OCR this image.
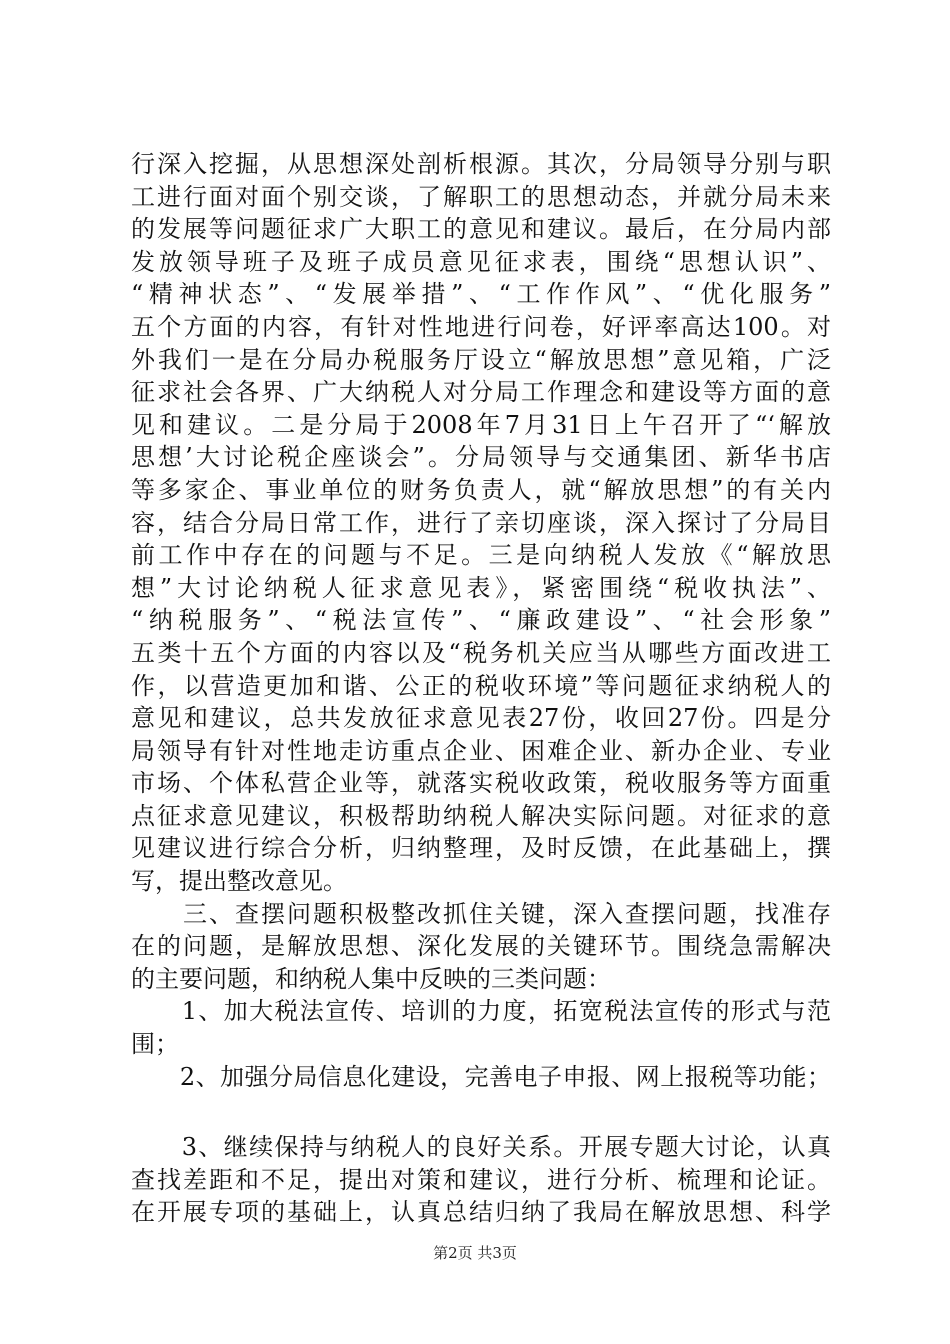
行深入挖掘，从思想深处剖析根源。其次，分局领导分别与职
工进行面对面个别交谈，了解职工的思想动态，并就分局未来
的发展等问题征求广大职工的意见和建议。最后，在分局内部
发放领导班子及班子成员意见征求表，围绕“思想认识”、
“精神状态”、“发展举措”、“工作作风”、“优化服务”
五个方面的内容，有针对性地进行问卷，好评率高达100。对
外我们一是在分局办税服务厅设立“解放思想”意见箱，广泛
征求社会各界、广大纳税人对分局工作理念和建设等方面的意
见和建议。二是分局于2008年7月31日上午召开了“‘解放
思想’大讨论税企座谈会”。分局领导与交通集团、新华书店
等多家企、事业单位的财务负责人，就“解放思想”的有关内
容，结合分局日常工作，进行了亲切座谈，深入探讨了分局目
前工作中存在的问题与不足。三是向纳税人发放《“解放思
想”大讨论纳税人征求意见表》，紧密围绕“税收执法”、
“纳税服务”、“税法宣传”、“廉政建设”、“社会形象”
五类十五个方面的内容以及“税务机关应当从哪些方面改进工
作，以营造更加和谐、公正的税收环境”等问题征求纳税人的
意见和建议，总共发放征求意见表27份，收回27份。四是分
局领导有针对性地走访重点企业、困难企业、新办企业、专业
市场、个体私营企业等，就落实税收政策，税收服务等方面重
点征求意见建议，积极帮助纳税人解决实际问题。对征求的意
见建议进行综合分析，归纳整理，及时反馈，在此基础上，撰
写，提出整改意见。
　　三、查摆问题积极整改抓住关键，深入查摆问题，找准存
在的问题，是解放思想、深化发展的关键环节。围绕急需解决
的主要问题，和纳税人集中反映的三类问题：
　　1、加大税法宣传、培训的力度，拓宽税法宣传的形式与范
围；
　　2、加强分局信息化建设，完善电子申报、网上报税等功能；
　　3、继续保持与纳税人的良好关系。开展专题大讨论，认真
查找差距和不足，提出对策和建议，进行分析、梳理和论证。
在开展专项的基础上，认真总结归纳了我局在解放思想、科学
第2页 共3页
